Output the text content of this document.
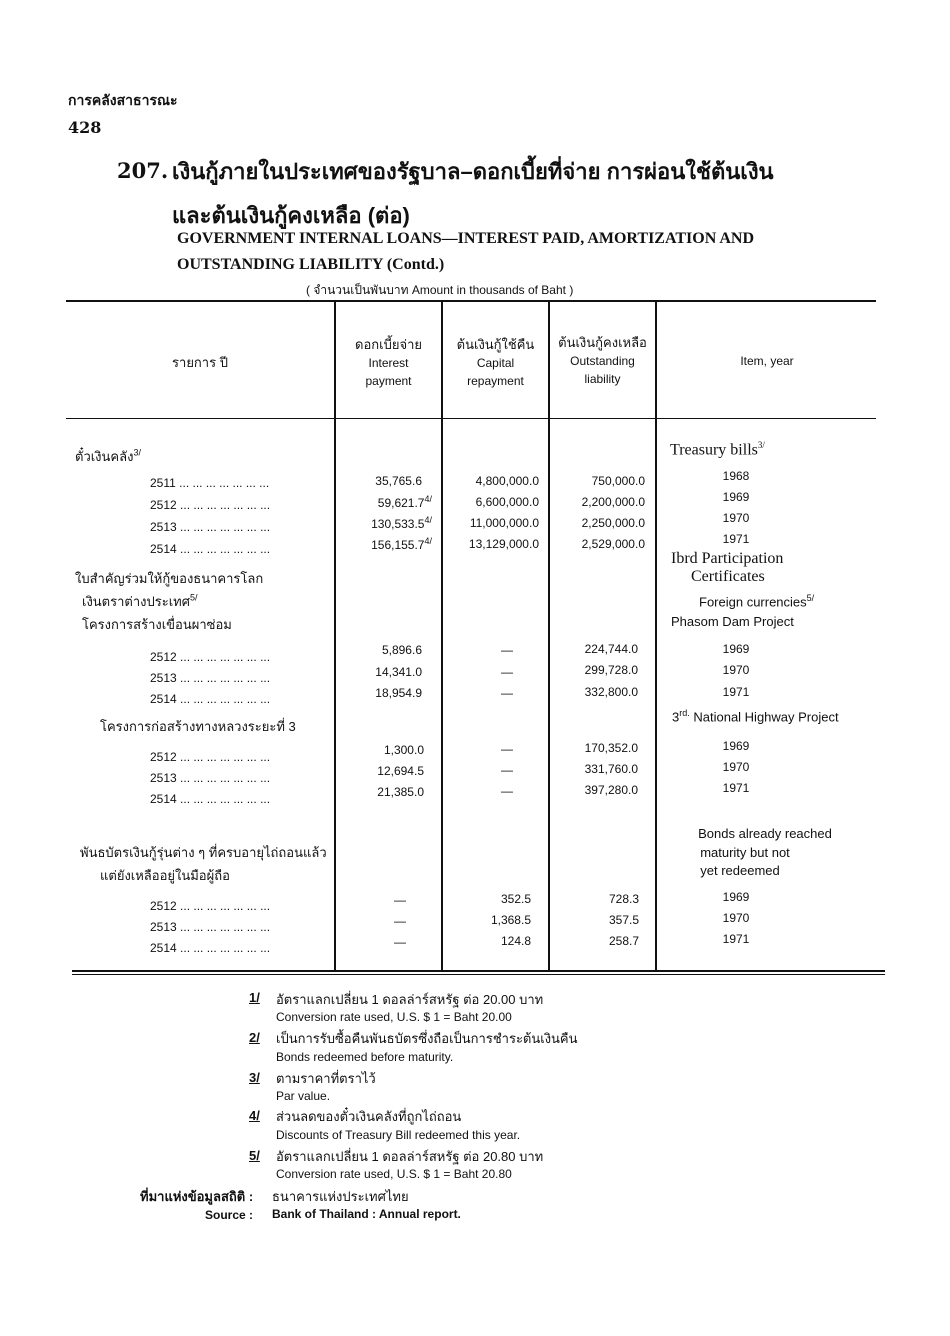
การคลังสาธารณะ
428
207. เงินกู้ภายในประเทศของรัฐบาล–ดอกเบี้ยที่จ่าย การผ่อนใช้ต้นเงิน
และต้นเงินกู้คงเหลือ (ต่อ)
GOVERNMENT INTERNAL LOANS—INTEREST PAID, AMORTIZATION AND
OUTSTANDING LIABILITY (Contd.)
( จำนวนเป็นพันบาท Amount in thousands of Baht )
รายการ ปี
ดอกเบี้ยจ่าย
Interest
payment
ต้นเงินกู้ใช้คืน
Capital
repayment
ต้นเงินกู้คงเหลือ
Outstanding
liability
Item, year
ตั๋วเงินคลัง$^{3/}$	Treasury bills$^{3/}$
2511 ... ... ... ... ... ... ...	35,765.6	4,800,000.0	750,000.0	1968
2512 ... ... ... ... ... ... ...	$59,621.7^{4/}$	6,600,000.0	2,200,000.0	1969
2513 ... ... ... ... ... ... ...	$130,533.5^{4/}$	11,000,000.0	2,250,000.0	1970
2514 ... ... ... ... ... ... ...	$156,155.7^{4/}$	13,129,000.0	2,529,000.0	1971
ใบสำคัญร่วมให้กู้ของธนาคารโลก
เงินตราต่างประเทศ$^{5/}$
Ibrd Participation
Certificates
Foreign currencies$^{5/}$
โครงการสร้างเขื่อนผาซ่อม	Phasom Dam Project
2512 ... ... ... ... ... ... ...	5,896.6	—	224,744.0	1969
2513 ... ... ... ... ... ... ...	14,341.0	—	299,728.0	1970
2514 ... ... ... ... ... ... ...	18,954.9	—	332,800.0	1971
โครงการก่อสร้างทางหลวงระยะที่ 3
$3^{rd.}$ National Highway Project
2512 ... ... ... ... ... ... ...	1,300.0	—	170,352.0	1969
2513 ... ... ... ... ... ... ...	12,694.5	—	331,760.0	1970
2514 ... ... ... ... ... ... ...	21,385.0	—	397,280.0	1971
พันธบัตรเงินกู้รุ่นต่าง ๆ ที่ครบอายุไถ่ถอนแล้ว
แต่ยังเหลืออยู่ในมือผู้ถือ
Bonds already reached
maturity but not
yet redeemed
2512 ... ... ... ... ... ... ...	—	352.5	728.3	1969
2513 ... ... ... ... ... ... ...	—	1,368.5	357.5	1970
2514 ... ... ... ... ... ... ...	—	124.8	258.7	1971
1/ อัตราแลกเปลี่ยน 1 ดอลล่าร์สหรัฐ ต่อ 20.00 บาท
Conversion rate used, U.S. $ 1 = Baht 20.00
2/ เป็นการรับซื้อคืนพันธบัตรซึ่งถือเป็นการชำระต้นเงินคืน
Bonds redeemed before maturity.
3/ ตามราคาที่ตราไว้
Par value.
4/ ส่วนลดของตั๋วเงินคลังที่ถูกไถ่ถอน
Discounts of Treasury Bill redeemed this year.
5/ อัตราแลกเปลี่ยน 1 ดอลล่าร์สหรัฐ ต่อ 20.80 บาท
Conversion rate used, U.S. $ 1 = Baht 20.80
ที่มาแห่งข้อมูลสถิติ : ธนาคารแห่งประเทศไทย
Source : Bank of Thailand : Annual report.
